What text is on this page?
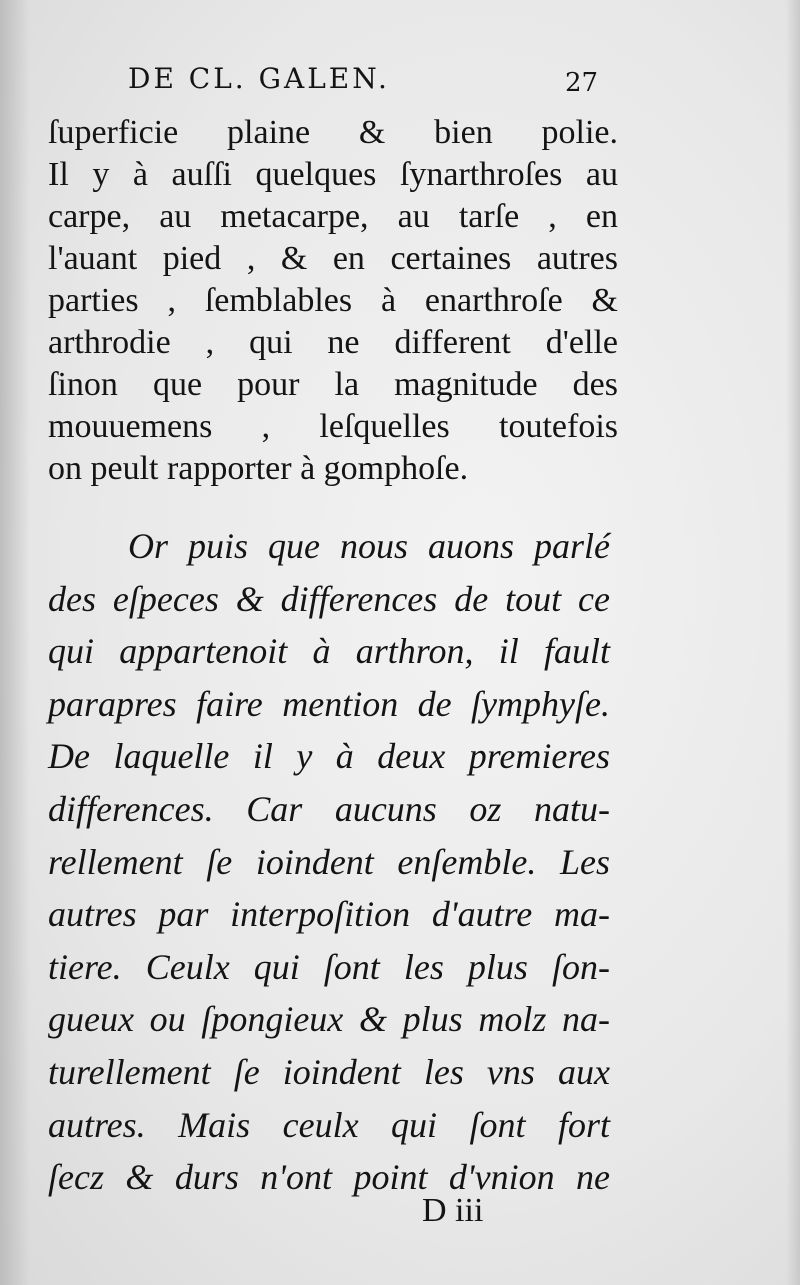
DE CL. GALEN.	27
ſuperficie plaine & bien polie.
Il y à auſſi quelques ſynarthroſes au
carpe, au metacarpe, au tarſe , en
l'auant pied , & en certaines autres
parties , ſemblables à enarthroſe &
arthrodie , qui ne different d'elle
ſinon que pour la magnitude des
mouuemens , leſquelles toutefois
on peult rapporter à gomphoſe.
Or puis que nous auons parlé
des eſpeces & differences de tout ce
qui appartenoit à arthron, il fault
parapres faire mention de ſymphyſe.
De laquelle il y à deux premieres
differences. Car aucuns oz natu-
rellement ſe ioindent enſemble. Les
autres par interpoſition d'autre ma-
tiere. Ceulx qui ſont les plus ſon-
gueux ou ſpongieux & plus molz na-
turellement ſe ioindent les vns aux
autres. Mais ceulx qui ſont fort
ſecz & durs n'ont point d'vnion ne
D iii
